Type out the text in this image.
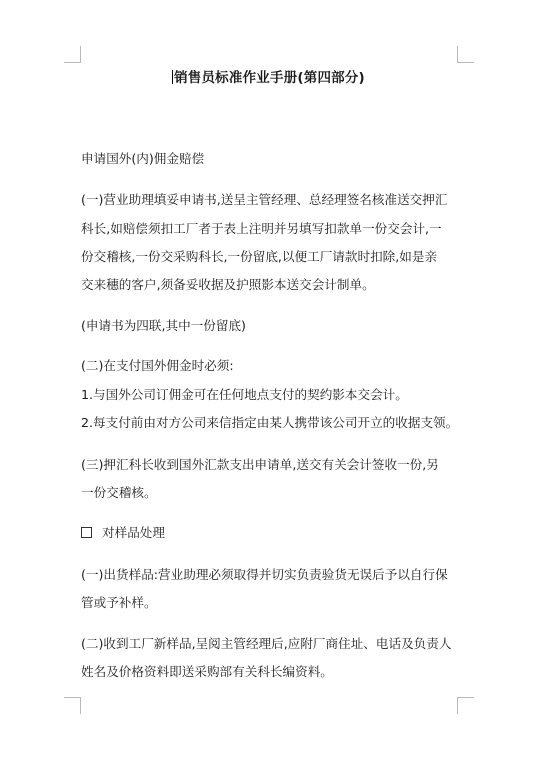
销售员标准作业手册(第四部分)
申请国外(内)佣金赔偿
(一)营业助理填妥申请书,送呈主管经理、总经理签名核准送交押汇
科长,如赔偿须扣工厂者于表上注明并另填写扣款单一份交会计,一
份交稽核,一份交采购科长,一份留底,以便工厂请款时扣除,如是亲
交来穗的客户,须备妥收据及护照影本送交会计制单。
(申请书为四联,其中一份留底)
(二)在支付国外佣金时必须:
1.与国外公司订佣金可在任何地点支付的契约影本交会计。
2.每支付前由对方公司来信指定由某人携带该公司开立的收据支领。
(三)押汇科长收到国外汇款支出申请单,送交有关会计签收一份,另
一份交稽核。
对样品处理
(一)出货样品:营业助理必须取得并切实负责验货无误后予以自行保
管或予补样。
(二)收到工厂新样品,呈阅主管经理后,应附厂商住址、电话及负责人
姓名及价格资料即送采购部有关科长编资料。
